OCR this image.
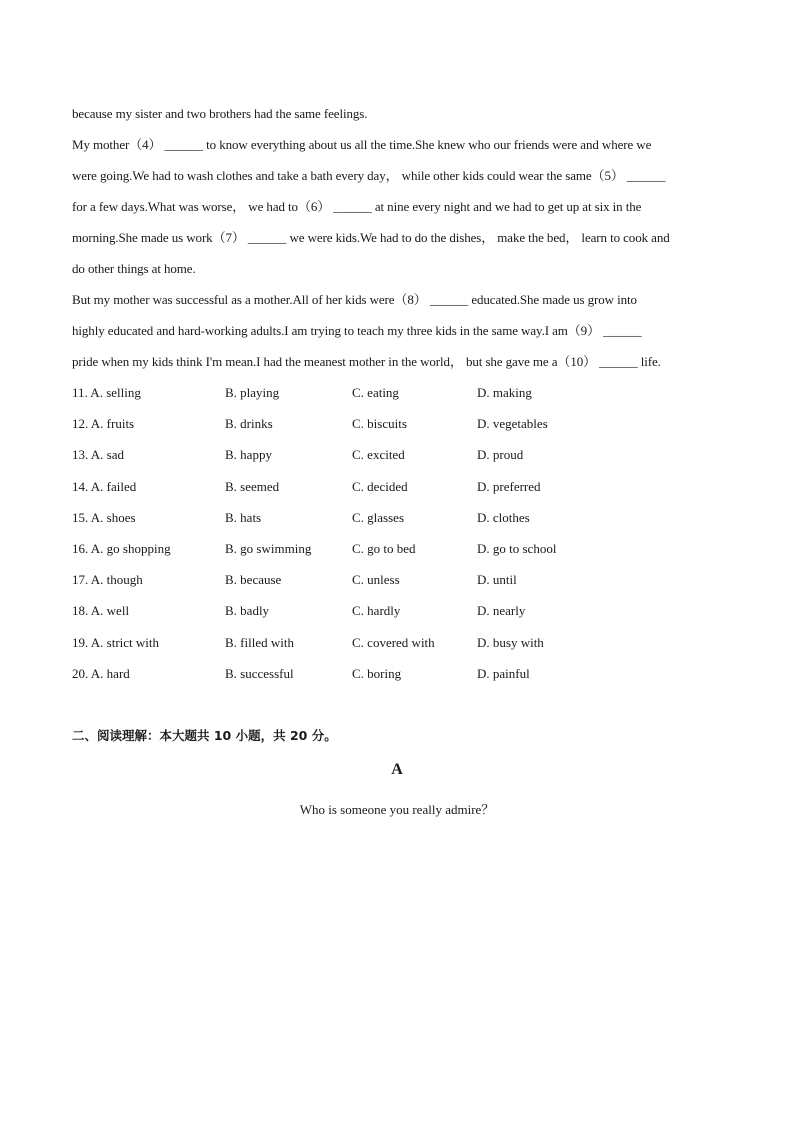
because my sister and two brothers had the same feelings.

My mother（4） ______ to know everything about us all the time.She knew who our friends were and where we

were going.We had to wash clothes and take a bath every day， while other kids could wear the same（5） ______

for a few days.What was worse， we had to（6） ______ at nine every night and we had to get up at six in the

morning.She made us work（7） ______ we were kids.We had to do the dishes， make the bed， learn to cook and

do other things at home.

But my mother was successful as a mother.All of her kids were（8） ______ educated.She made us grow into

highly educated and hard-working adults.I am trying to teach my three kids in the same way.I am（9） ______

pride when my kids think I'm mean.I had the meanest mother in the world， but she gave me a（10） ______ life.

11. A. selling	B. playing	C. eating	D. making
12. A. fruits	B. drinks	C. biscuits	D. vegetables
13. A. sad	B. happy	C. excited	D. proud
14. A. failed	B. seemed	C. decided	D. preferred
15. A. shoes	B. hats	C. glasses	D. clothes
16. A. go shopping	B. go swimming	C. go to bed	D. go to school
17. A. though	B. because	C. unless	D. until
18. A. well	B. badly	C. hardly	D. nearly
19. A. strict with	B. filled with	C. covered with	D. busy with
20. A. hard	B. successful	C. boring	D. painful
二、阅读理解：本大题共 10 小题，共 20 分。
A
Who is someone you really admire？
